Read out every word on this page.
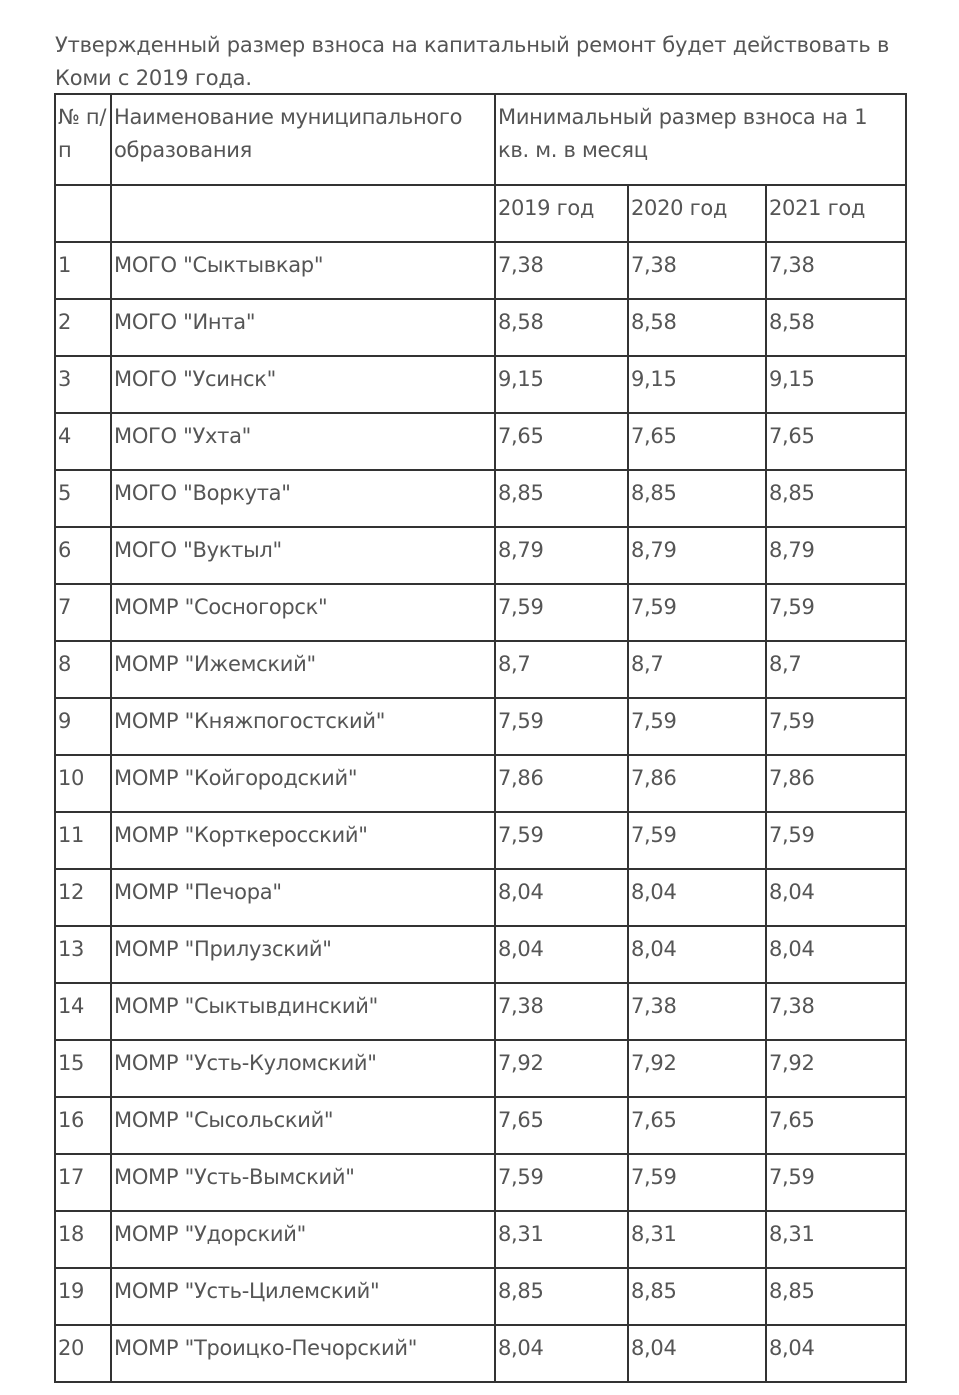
Утвержденный размер взноса на капитальный ремонт будет действовать в Коми с 2019 года.

№ п/п	Наименование муниципального образования	Минимальный размер взноса на 1 кв. м. в месяц		
		2019 год	2020 год	2021 год
1	МОГО "Сыктывкар"	7,38	7,38	7,38
2	МОГО "Инта"	8,58	8,58	8,58
3	МОГО "Усинск"	9,15	9,15	9,15
4	МОГО "Ухта"	7,65	7,65	7,65
5	МОГО "Воркута"	8,85	8,85	8,85
6	МОГО "Вуктыл"	8,79	8,79	8,79
7	МОМР "Сосногорск"	7,59	7,59	7,59
8	МОМР "Ижемский"	8,7	8,7	8,7
9	МОМР "Княжпогостский"	7,59	7,59	7,59
10	МОМР "Койгородский"	7,86	7,86	7,86
11	МОМР "Корткеросский"	7,59	7,59	7,59
12	МОМР "Печора"	8,04	8,04	8,04
13	МОМР "Прилузский"	8,04	8,04	8,04
14	МОМР "Сыктывдинский"	7,38	7,38	7,38
15	МОМР "Усть-Куломский"	7,92	7,92	7,92
16	МОМР "Сысольский"	7,65	7,65	7,65
17	МОМР "Усть-Вымский"	7,59	7,59	7,59
18	МОМР "Удорский"	8,31	8,31	8,31
19	МОМР "Усть-Цилемский"	8,85	8,85	8,85
20	МОМР "Троицко-Печорский"	8,04	8,04	8,04
